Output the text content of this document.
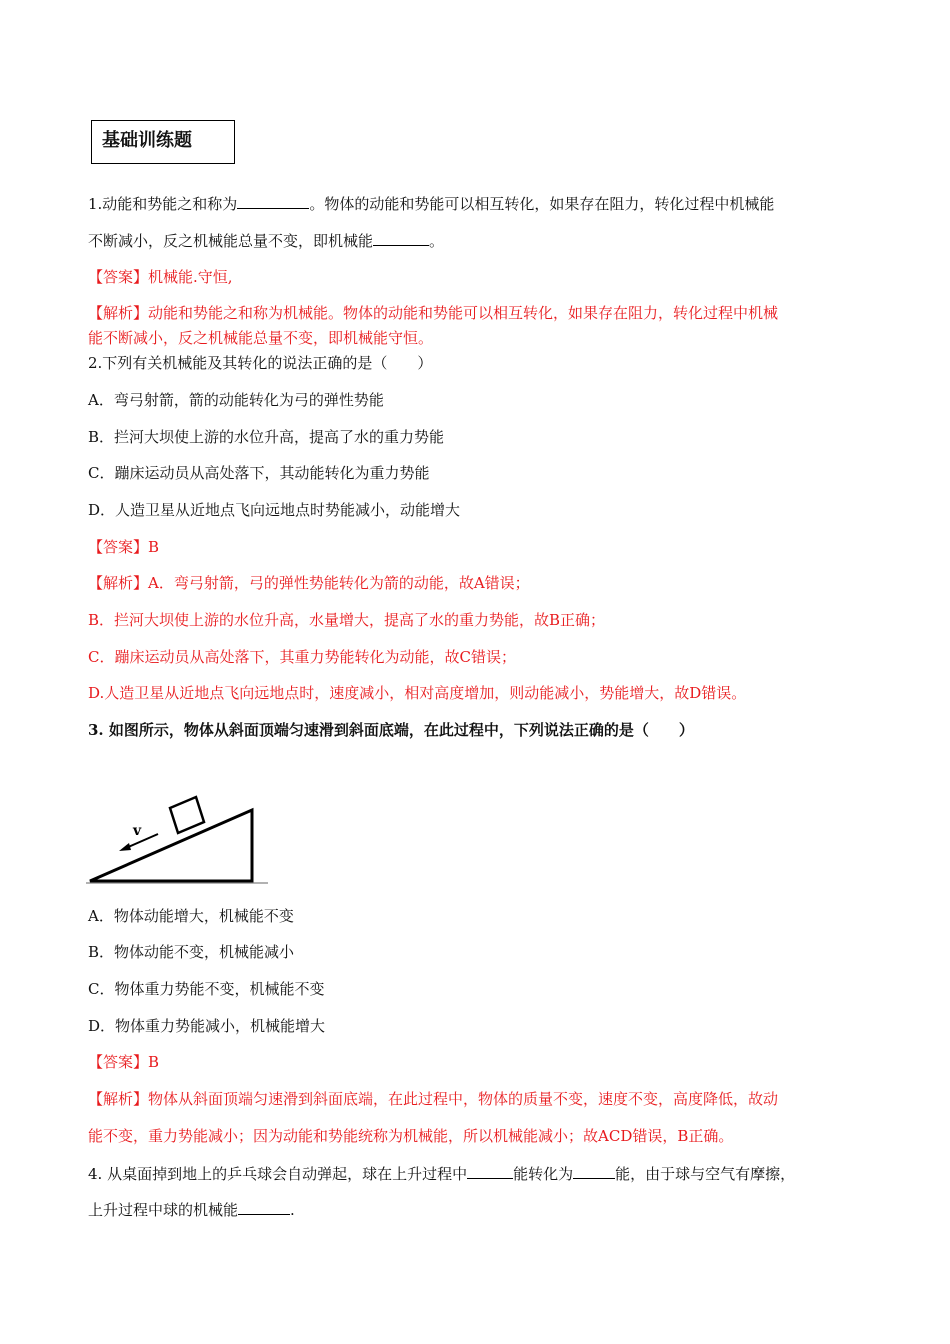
基础训练题
1.动能和势能之和称为	。物体的动能和势能可以相互转化，如果存在阻力，转化过程中机械能
不断减小，反之机械能总量不变，即机械能	。
【答案】机械能.守恒,
【解析】动能和势能之和称为机械能。物体的动能和势能可以相互转化，如果存在阻力，转化过程中机械
能不断减小，反之机械能总量不变，即机械能守恒。
2.下列有关机械能及其转化的说法正确的是（　　）
A．弯弓射箭，箭的动能转化为弓的弹性势能
B．拦河大坝使上游的水位升高，提高了水的重力势能
C．蹦床运动员从高处落下，其动能转化为重力势能
D．人造卫星从近地点飞向远地点时势能减小，动能增大
【答案】B
【解析】A．弯弓射箭，弓的弹性势能转化为箭的动能，故A错误；
B．拦河大坝使上游的水位升高，水量增大，提高了水的重力势能，故B正确；
C．蹦床运动员从高处落下，其重力势能转化为动能，故C错误；
D.人造卫星从近地点飞向远地点时，速度减小，相对高度增加，则动能减小，势能增大，故D错误。
3. 如图所示，物体从斜面顶端匀速滑到斜面底端，在此过程中，下列说法正确的是（　　）
v
A．物体动能增大，机械能不变
B．物体动能不变，机械能减小
C．物体重力势能不变，机械能不变
D．物体重力势能减小，机械能增大
【答案】B
【解析】物体从斜面顶端匀速滑到斜面底端，在此过程中，物体的质量不变，速度不变，高度降低，故动
能不变，重力势能减小；因为动能和势能统称为机械能，所以机械能减小；故ACD错误，B正确。
4. 从桌面掉到地上的乒乓球会自动弹起，球在上升过程中	能转化为	能，由于球与空气有摩擦，
上升过程中球的机械能	.
